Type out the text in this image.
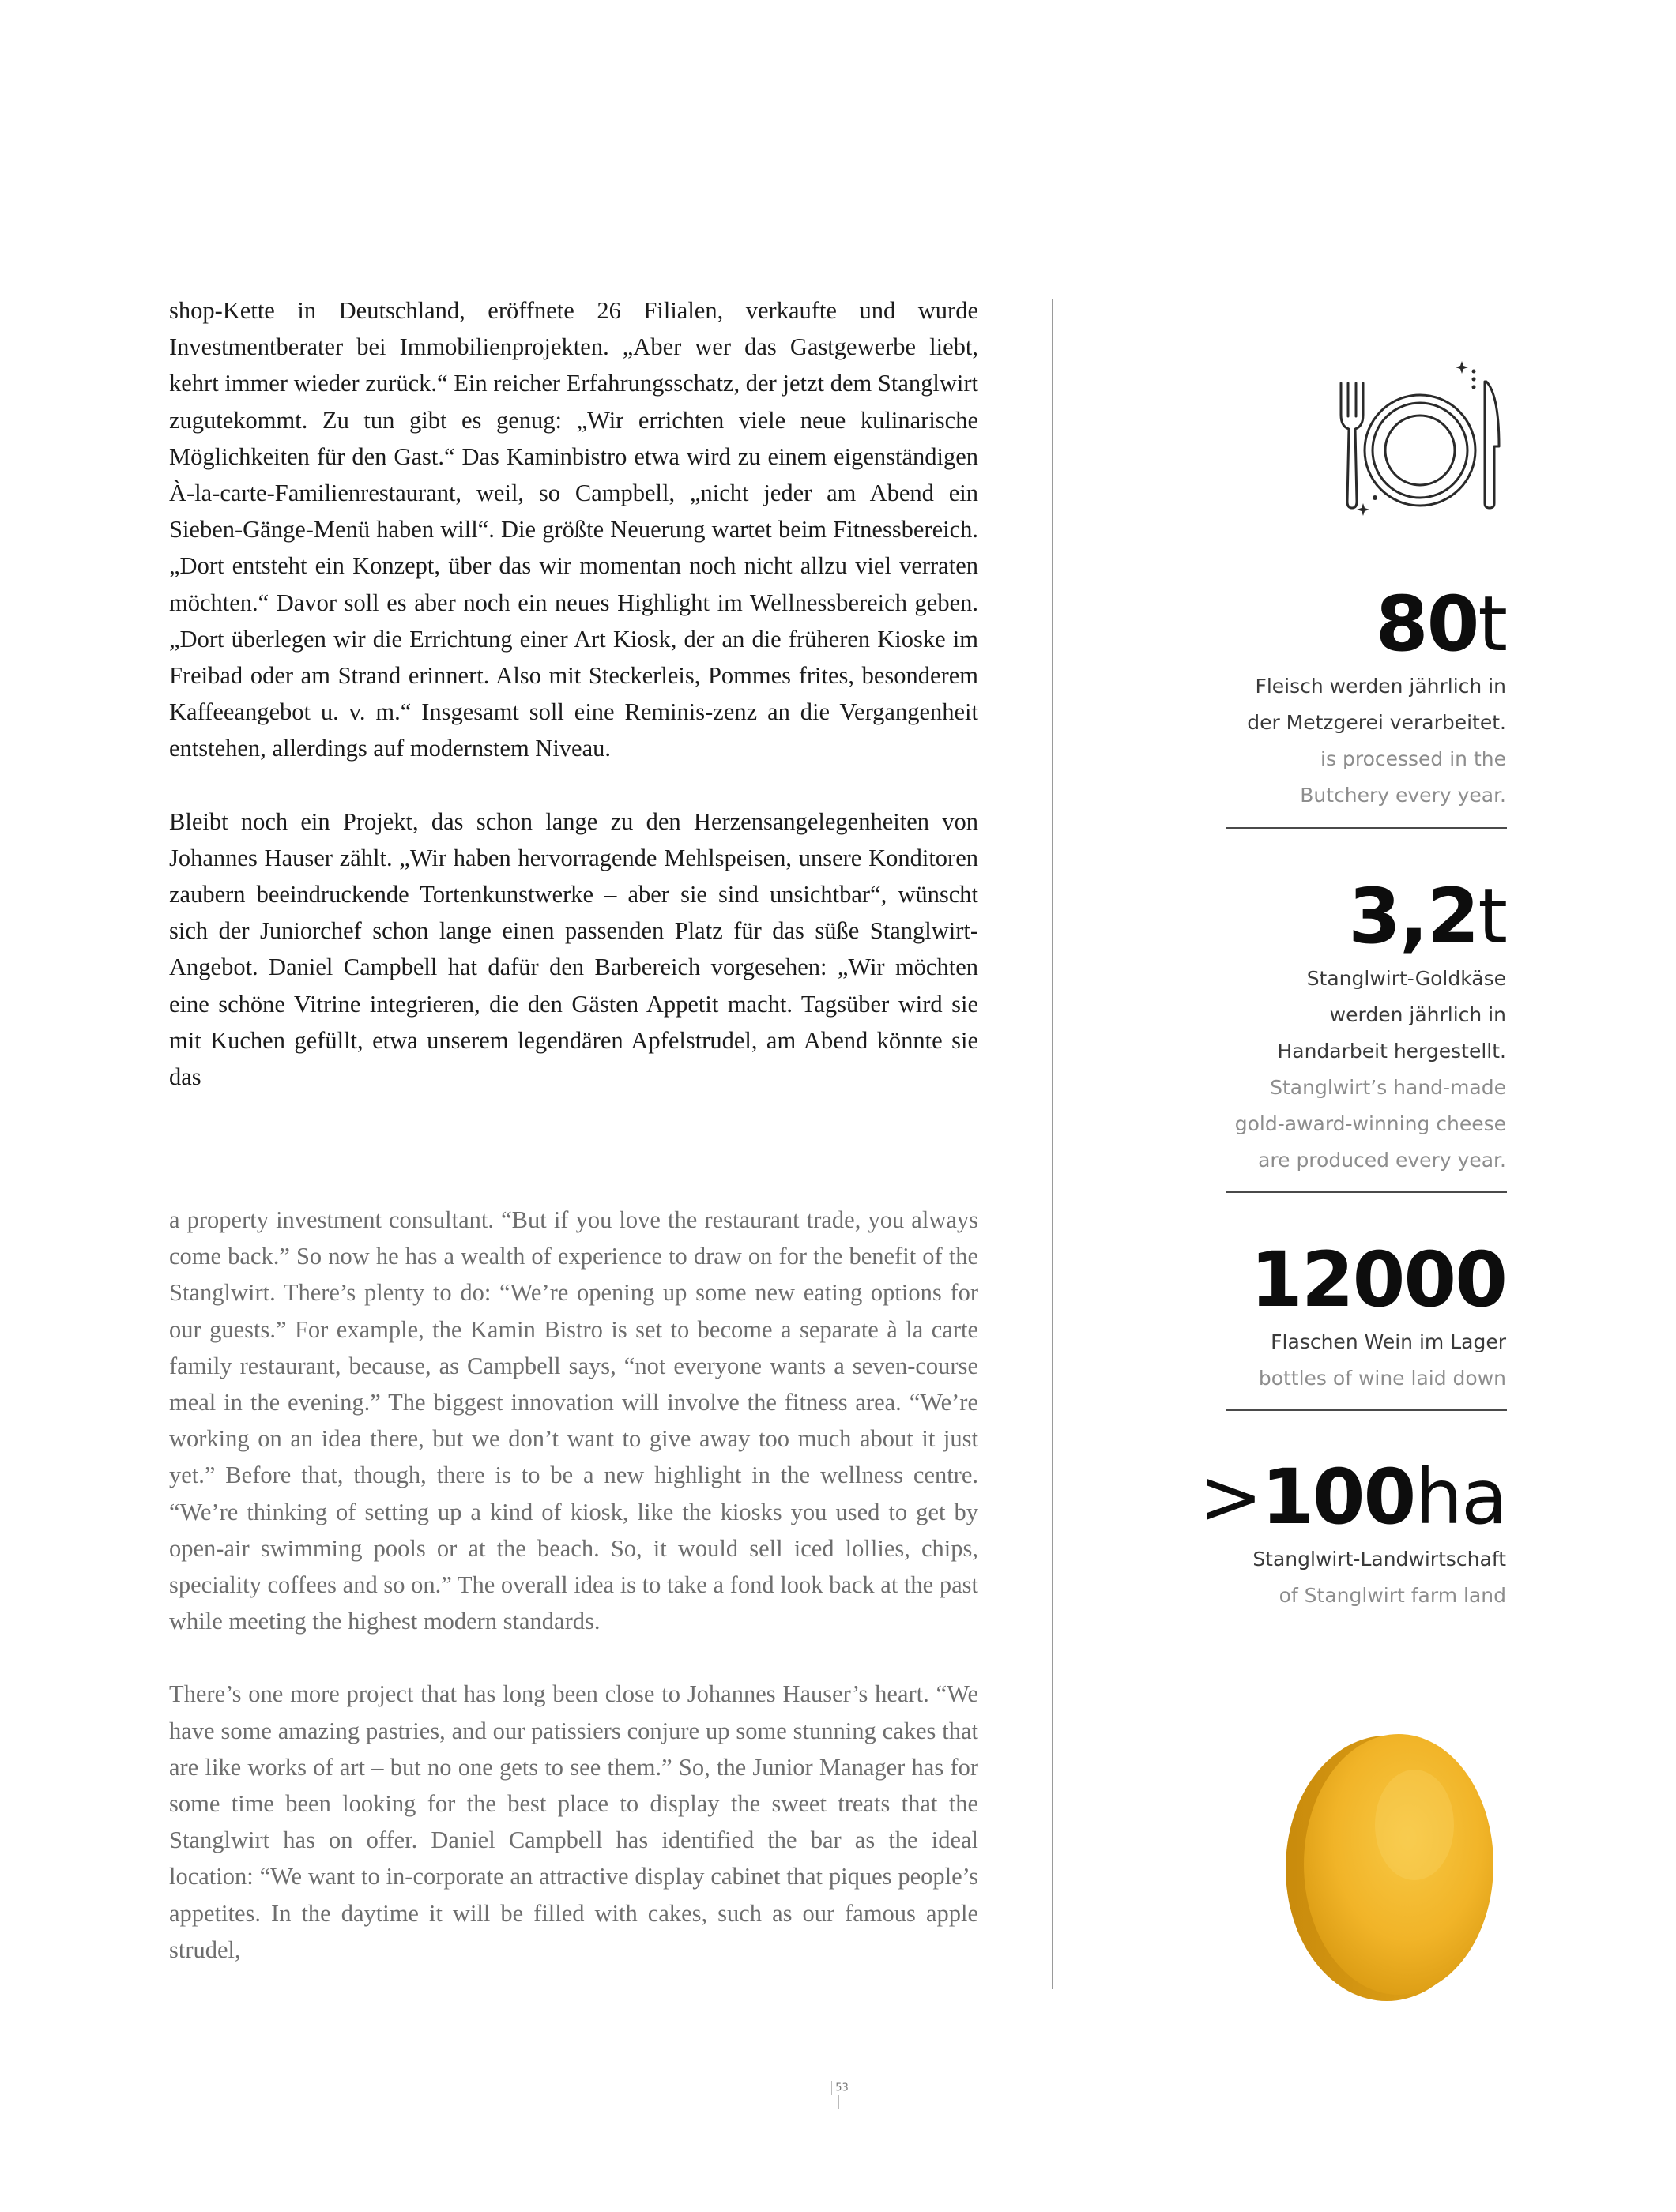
shop-Kette in Deutschland, eröffnete 26 Filialen, verkaufte und wurde Investmentberater bei Immobilienprojekten. „Aber wer das Gastgewerbe liebt, kehrt immer wieder zurück.“ Ein reicher Erfahrungsschatz, der jetzt dem Stanglwirt zugutekommt. Zu tun gibt es genug: „Wir errichten viele neue kulinarische Möglichkeiten für den Gast.“ Das Kaminbistro etwa wird zu einem eigenständigen À-la-carte-Familienrestaurant, weil, so Campbell, „nicht jeder am Abend ein Sieben-Gänge-Menü haben will“. Die größte Neuerung wartet beim Fitnessbereich. „Dort entsteht ein Konzept, über das wir momentan noch nicht allzu viel verraten möchten.“ Davor soll es aber noch ein neues Highlight im Wellnessbereich geben. „Dort überlegen wir die Errichtung einer Art Kiosk, der an die früheren Kioske im Freibad oder am Strand erinnert. Also mit Steckerleis, Pommes frites, besonderem Kaffeeangebot u. v. m.“ Insgesamt soll eine Reminis-zenz an die Vergangenheit entstehen, allerdings auf modernstem Niveau.

Bleibt noch ein Projekt, das schon lange zu den Herzensangelegenheiten von Johannes Hauser zählt. „Wir haben hervorragende Mehlspeisen, unsere Konditoren zaubern beeindruckende Tortenkunstwerke – aber sie sind unsichtbar“, wünscht sich der Juniorchef schon lange einen passenden Platz für das süße Stanglwirt-Angebot. Daniel Campbell hat dafür den Barbereich vorgesehen: „Wir möchten eine schöne Vitrine integrieren, die den Gästen Appetit macht. Tagsüber wird sie mit Kuchen gefüllt, etwa unserem legendären Apfelstrudel, am Abend könnte sie das

a property investment consultant. “But if you love the restaurant trade, you always come back.” So now he has a wealth of experience to draw on for the benefit of the Stanglwirt. There’s plenty to do: “We’re opening up some new eating options for our guests.” For example, the Kamin Bistro is set to become a separate à la carte family restaurant, because, as Campbell says, “not everyone wants a seven-course meal in the evening.” The biggest innovation will involve the fitness area. “We’re working on an idea there, but we don’t want to give away too much about it just yet.” Before that, though, there is to be a new highlight in the wellness centre. “We’re thinking of setting up a kind of kiosk, like the kiosks you used to get by open-air swimming pools or at the beach. So, it would sell iced lollies, chips, speciality coffees and so on.” The overall idea is to take a fond look back at the past while meeting the highest modern standards.

There’s one more project that has long been close to Johannes Hauser’s heart. “We have some amazing pastries, and our patissiers conjure up some stunning cakes that are like works of art – but no one gets to see them.” So, the Junior Manager has for some time been looking for the best place to display the sweet treats that the Stanglwirt has on offer. Daniel Campbell has identified the bar as the ideal location: “We want to in-corporate an attractive display cabinet that piques people’s appetites. In the daytime it will be filled with cakes, such as our famous apple strudel,

80t
Fleisch werden jährlich in
der Metzgerei verarbeitet.
is processed in the
Butchery every year.
3,2t
Stanglwirt-Goldkäse
werden jährlich in
Handarbeit hergestellt.
Stanglwirt’s hand-made
gold-award-winning cheese
are produced every year.
12000
Flaschen Wein im Lager
bottles of wine laid down
>100ha
Stanglwirt-Landwirtschaft
of Stanglwirt farm land
53
